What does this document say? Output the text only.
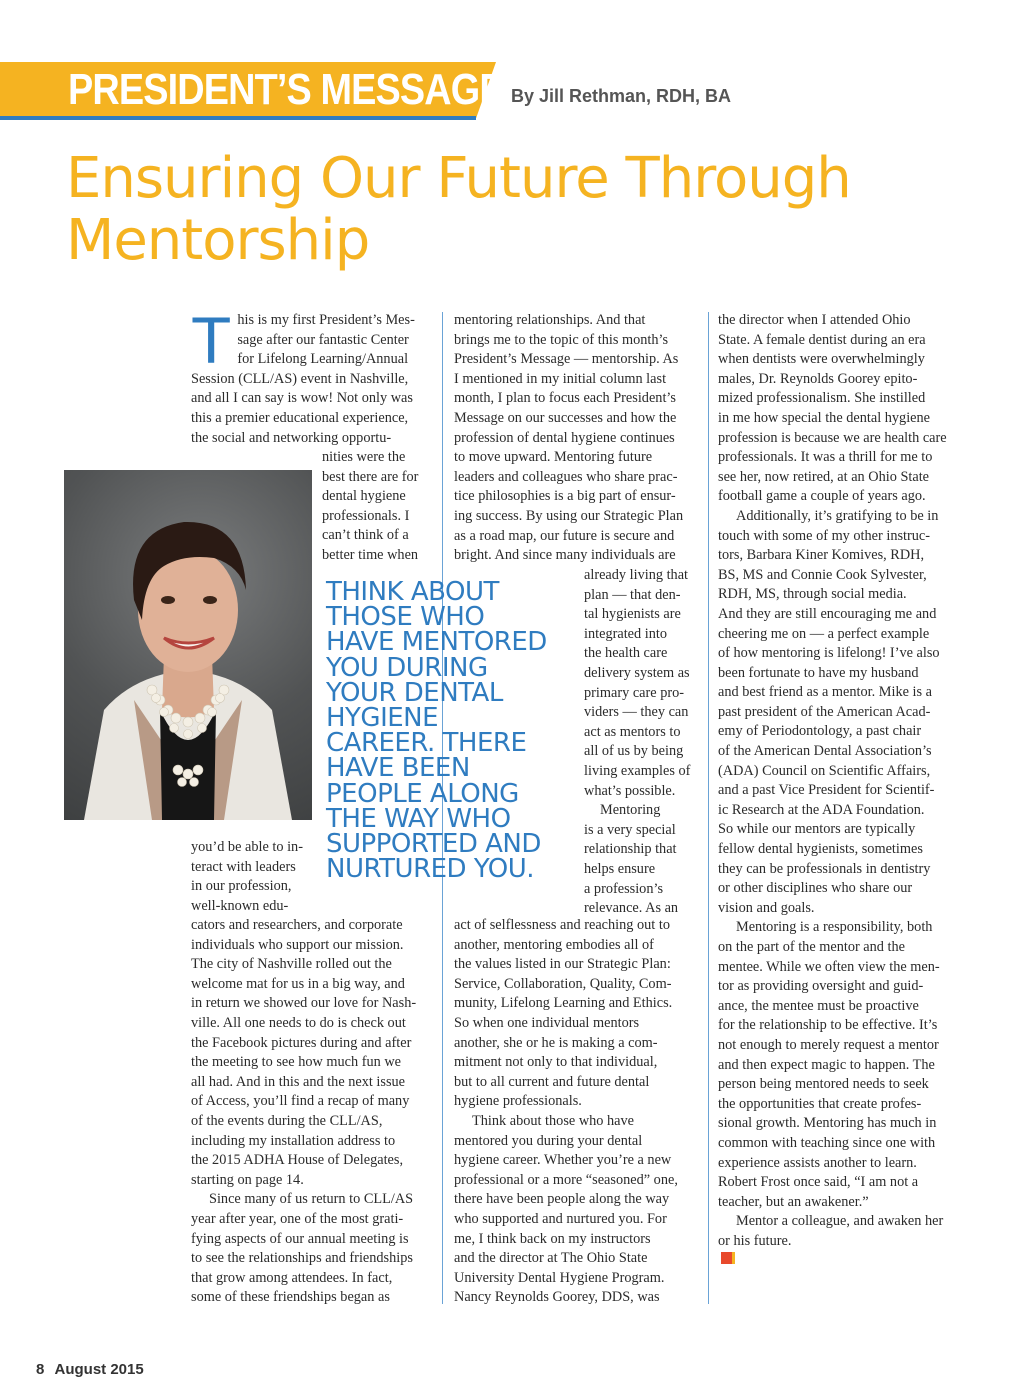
PRESIDENT’S MESSAGE By Jill Rethman, RDH, BA
Ensuring Our Future Through
Mentorship
T his is my first President’s Mes-
sage after our fantastic Center
for Lifelong Learning/Annual
Session (CLL/AS) event in Nashville,
and all I can say is wow! Not only was
this a premier educational experience,
the social and networking opportu-
nities were the
best there are for
dental hygiene
professionals. I
can’t think of a
better time when
you’d be able to in-
teract with leaders
in our profession,
well-known edu-
cators and researchers, and corporate
individuals who support our mission.
The city of Nashville rolled out the
welcome mat for us in a big way, and
in return we showed our love for Nash-
ville. All one needs to do is check out
the Facebook pictures during and after
the meeting to see how much fun we
all had. And in this and the next issue
of Access, you’ll find a recap of many
of the events during the CLL/AS,
including my installation address to
the 2015 ADHA House of Delegates,
starting on page 14.
Since many of us return to CLL/AS
year after year, one of the most grati-
fying aspects of our annual meeting is
to see the relationships and friendships
that grow among attendees. In fact,
some of these friendships began as
THINK ABOUT
THOSE WHO
HAVE MENTORED
YOU DURING
YOUR DENTAL
HYGIENE
CAREER. THERE
HAVE BEEN
PEOPLE ALONG
THE WAY WHO
SUPPORTED AND
NURTURED YOU.
mentoring relationships. And that
brings me to the topic of this month’s
President’s Message — mentorship. As
I mentioned in my initial column last
month, I plan to focus each President’s
Message on our successes and how the
profession of dental hygiene continues
to move upward. Mentoring future
leaders and colleagues who share prac-
tice philosophies is a big part of ensur-
ing success. By using our Strategic Plan
as a road map, our future is secure and
bright. And since many individuals are
already living that
plan — that den-
tal hygienists are
integrated into
the health care
delivery system as
primary care pro-
viders — they can
act as mentors to
all of us by being
living examples of
what’s possible.
Mentoring
is a very special
relationship that
helps ensure
a profession’s
relevance. As an
act of selflessness and reaching out to
another, mentoring embodies all of
the values listed in our Strategic Plan:
Service, Collaboration, Quality, Com-
munity, Lifelong Learning and Ethics.
So when one individual mentors
another, she or he is making a com-
mitment not only to that individual,
but to all current and future dental
hygiene professionals.
Think about those who have
mentored you during your dental
hygiene career. Whether you’re a new
professional or a more “seasoned” one,
there have been people along the way
who supported and nurtured you. For
me, I think back on my instructors
and the director at The Ohio State
University Dental Hygiene Program.
Nancy Reynolds Goorey, DDS, was
the director when I attended Ohio
State. A female dentist during an era
when dentists were overwhelmingly
males, Dr. Reynolds Goorey epito-
mized professionalism. She instilled
in me how special the dental hygiene
profession is because we are health care
professionals. It was a thrill for me to
see her, now retired, at an Ohio State
football game a couple of years ago.
Additionally, it’s gratifying to be in
touch with some of my other instruc-
tors, Barbara Kiner Komives, RDH,
BS, MS and Connie Cook Sylvester,
RDH, MS, through social media.
And they are still encouraging me and
cheering me on — a perfect example
of how mentoring is lifelong! I’ve also
been fortunate to have my husband
and best friend as a mentor. Mike is a
past president of the American Acad-
emy of Periodontology, a past chair
of the American Dental Association’s
(ADA) Council on Scientific Affairs,
and a past Vice President for Scientif-
ic Research at the ADA Foundation.
So while our mentors are typically
fellow dental hygienists, sometimes
they can be professionals in dentistry
or other disciplines who share our
vision and goals.
Mentoring is a responsibility, both
on the part of the mentor and the
mentee. While we often view the men-
tor as providing oversight and guid-
ance, the mentee must be proactive
for the relationship to be effective. It’s
not enough to merely request a mentor
and then expect magic to happen. The
person being mentored needs to seek
the opportunities that create profes-
sional growth. Mentoring has much in
common with teaching since one with
experience assists another to learn.
Robert Frost once said, “I am not a
teacher, but an awakener.”
Mentor a colleague, and awaken her
or his future.
8 August 2015
